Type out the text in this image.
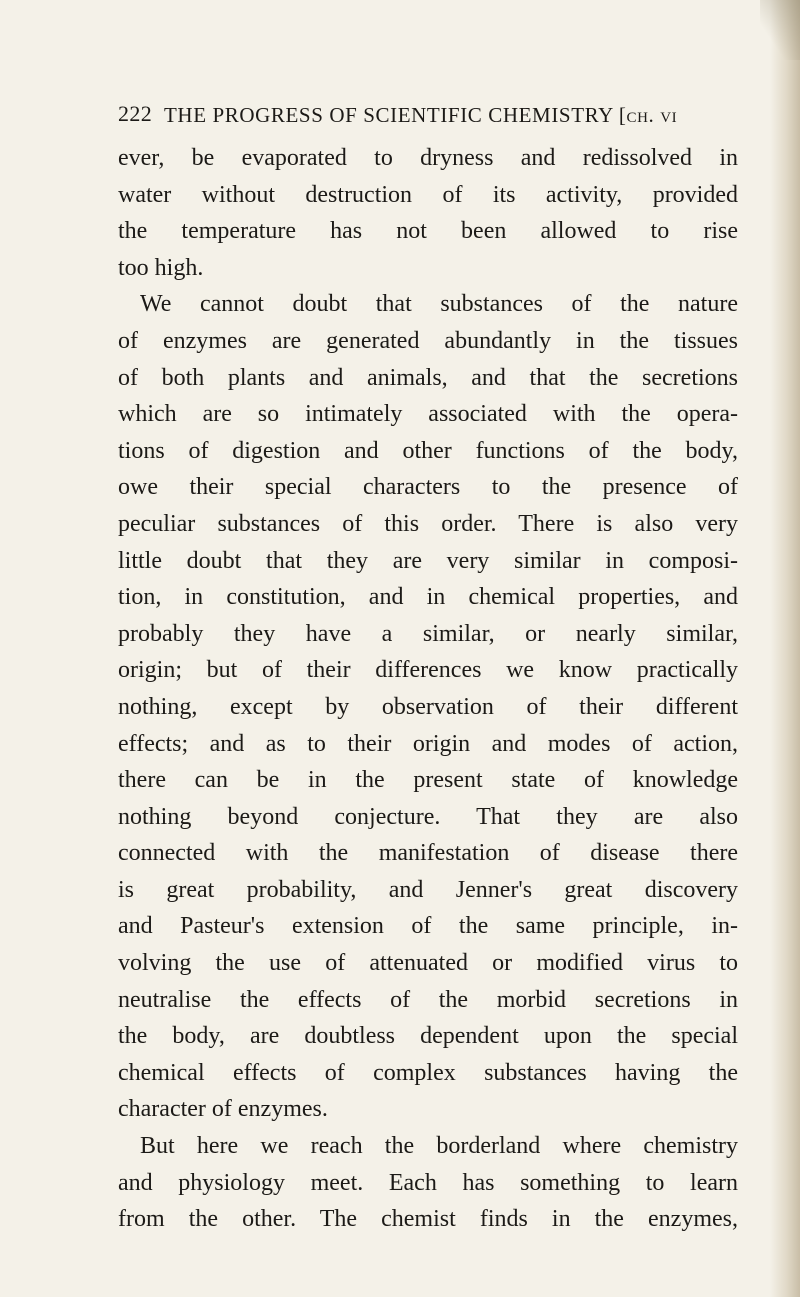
222 THE PROGRESS OF SCIENTIFIC CHEMISTRY [ch. vi
ever, be evaporated to dryness and redissolved in
water without destruction of its activity, provided
the temperature has not been allowed to rise
too high.
We cannot doubt that substances of the nature
of enzymes are generated abundantly in the tissues
of both plants and animals, and that the secretions
which are so intimately associated with the opera-
tions of digestion and other functions of the body,
owe their special characters to the presence of
peculiar substances of this order. There is also very
little doubt that they are very similar in composi-
tion, in constitution, and in chemical properties, and
probably they have a similar, or nearly similar,
origin; but of their differences we know practically
nothing, except by observation of their different
effects; and as to their origin and modes of action,
there can be in the present state of knowledge
nothing beyond conjecture. That they are also
connected with the manifestation of disease there
is great probability, and Jenner's great discovery
and Pasteur's extension of the same principle, in-
volving the use of attenuated or modified virus to
neutralise the effects of the morbid secretions in
the body, are doubtless dependent upon the special
chemical effects of complex substances having the
character of enzymes.
But here we reach the borderland where chemistry
and physiology meet. Each has something to learn
from the other. The chemist finds in the enzymes,
